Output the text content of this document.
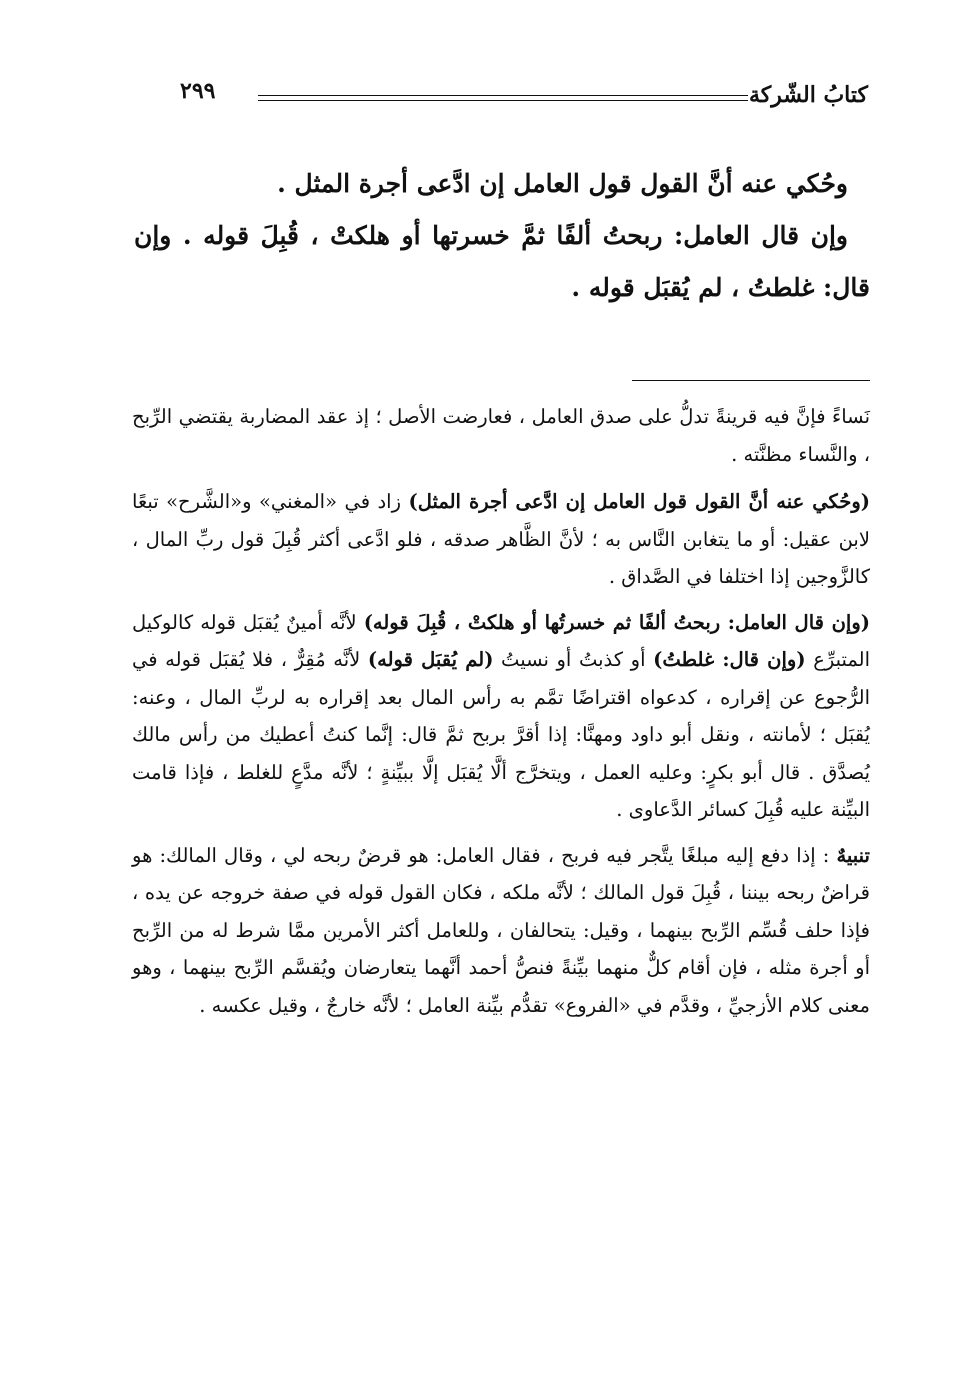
كتابُ الشّركة
٢٩٩

وحُكي عنه أنَّ القول قول العامل إن ادَّعى أجرة المثل .

وإن قال العامل: ربحتُ ألفًا ثمَّ خسرتها أو هلكتْ ، قُبِلَ قوله . وإن قال: غلطتُ ، لم يُقبَل قوله .

نَساءً فإنَّ فيه قرينةً تدلُّ على صدق العامل ، فعارضت الأصل ؛ إذ عقد المضاربة يقتضي الرِّبح ، والنَّساء مظنَّته .

(وحُكي عنه أنَّ القول قول العامل إن ادَّعى أجرة المثل) زاد في «المغني» و«الشَّرح» تبعًا لابن عقيل: أو ما يتغابن النَّاس به ؛ لأنَّ الظَّاهر صدقه ، فلو ادَّعى أكثر قُبِلَ قول ربِّ المال ، كالزَّوجين إذا اختلفا في الصَّداق .

(وإن قال العامل: ربحتُ ألفًا ثم خسرتُها أو هلكتْ ، قُبِلَ قوله) لأنَّه أمينٌ يُقبَل قوله كالوكيل المتبرِّع (وإن قال: غلطتُ) أو كذبتُ أو نسيتُ (لم يُقبَل قوله) لأنَّه مُقِرٌّ ، فلا يُقبَل قوله في الرُّجوع عن إقراره ، كدعواه اقتراضًا تمَّم به رأس المال بعد إقراره به لربِّ المال ، وعنه: يُقبَل ؛ لأمانته ، ونقل أبو داود ومهنَّا: إذا أقرَّ بربح ثمَّ قال: إنَّما كنتُ أعطيك من رأس مالك يُصدَّق . قال أبو بكرٍ: وعليه العمل ، ويتخرَّج ألَّا يُقبَل إلَّا ببيِّنةٍ ؛ لأنَّه مدَّعٍ للغلط ، فإذا قامت البيِّنة عليه قُبِلَ كسائر الدَّعاوى .

تنبيهٌ : إذا دفع إليه مبلغًا يتَّجر فيه فربح ، فقال العامل: هو قرضٌ ربحه لي ، وقال المالك: هو قراضٌ ربحه بيننا ، قُبِلَ قول المالك ؛ لأنَّه ملكه ، فكان القول قوله في صفة خروجه عن يده ، فإذا حلف قُسِّم الرِّبح بينهما ، وقيل: يتحالفان ، وللعامل أكثر الأمرين ممَّا شرط له من الرِّبح أو أجرة مثله ، فإن أقام كلٌّ منهما بيِّنةً فنصُّ أحمد أنَّهما يتعارضان ويُقسَّم الرِّبح بينهما ، وهو معنى كلام الأزجيِّ ، وقدَّم في «الفروع» تقدُّم بيِّنة العامل ؛ لأنَّه خارجٌ ، وقيل عكسه .
